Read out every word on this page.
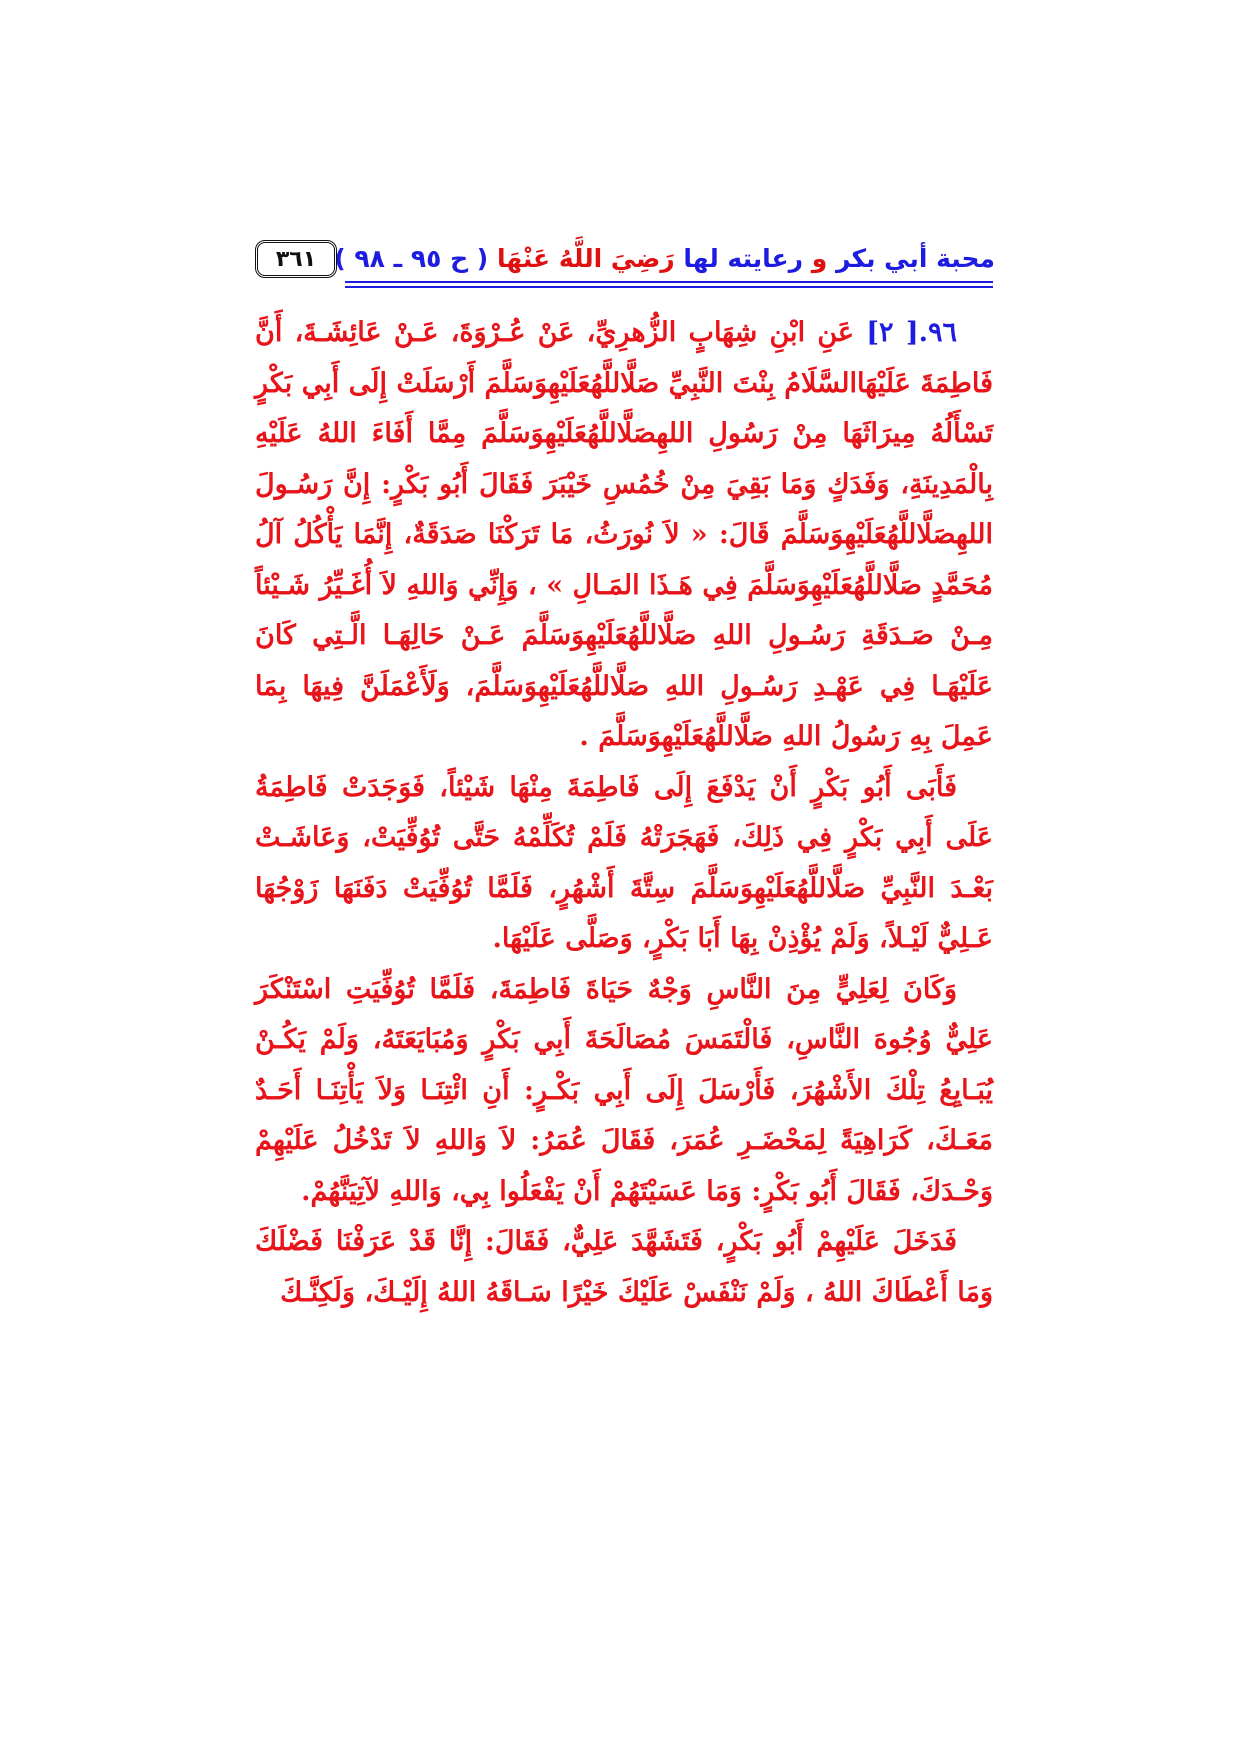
محبة أبي بكر و رعايته لها رَضِيَ اللَّهُ عَنْهَا ( ح ٩٥ ـ ٩٨ )
٣٦١

٩٦.[ ٢] عَنِ ابْنِ شِهَابٍ الزُّهرِيِّ، عَنْ عُـرْوَةَ، عَـنْ عَائِشَـةَ، أَنَّ فَاطِمَةَ عَلَيْهَاالسَّلَامُ بِنْتَ النَّبِيِّ صَلَّاللَّهُعَلَيْهِوَسَلَّمَ أَرْسَلَتْ إِلَى أَبِي بَكْرٍ تَسْأَلُهُ مِيرَاثَهَا مِنْ رَسُولِ اللهِصَلَّاللَّهُعَلَيْهِوَسَلَّمَ مِمَّا أَفَاءَ اللهُ عَلَيْهِ بِالْمَدِينَةِ، وَفَدَكٍ وَمَا بَقِيَ مِنْ خُمُسِ خَيْبَرَ فَقَالَ أَبُو بَكْرٍ: إِنَّ رَسُـولَ اللهِصَلَّاللَّهُعَلَيْهِوَسَلَّمَ قَالَ: « لاَ نُورَثُ، مَا تَرَكْنَا صَدَقَةٌ، إِنَّمَا يَأْكُلُ آلُ مُحَمَّدٍ صَلَّاللَّهُعَلَيْهِوَسَلَّمَ فِي هَـذَا المَـالِ » ، وَإِنِّي وَاللهِ لاَ أُغَـيِّرُ شَـيْئاً مِـنْ صَـدَقَةِ رَسُـولِ اللهِ صَلَّاللَّهُعَلَيْهِوَسَلَّمَ عَـنْ حَالِهَـا الَّـتِي كَانَ عَلَيْهَـا فِي عَهْـدِ رَسُـولِ اللهِ صَلَّاللَّهُعَلَيْهِوَسَلَّمَ، وَلَأَعْمَلَنَّ فِيهَا بِمَا عَمِلَ بِهِ رَسُولُ اللهِ صَلَّاللَّهُعَلَيْهِوَسَلَّمَ .

فَأَبَى أَبُو بَكْرٍ أَنْ يَدْفَعَ إِلَى فَاطِمَةَ مِنْهَا شَيْئاً، فَوَجَدَتْ فَاطِمَةُ عَلَى أَبِي بَكْرٍ فِي ذَلِكَ، فَهَجَرَتْهُ فَلَمْ تُكَلِّمْهُ حَتَّى تُوُفِّيَتْ، وَعَاشَـتْ بَعْـدَ النَّبِيِّ صَلَّاللَّهُعَلَيْهِوَسَلَّمَ سِتَّةَ أَشْهُرٍ، فَلَمَّا تُوُفِّيَتْ دَفَنَهَا زَوْجُهَا عَـلِيٌّ لَيْـلاً، وَلَمْ يُؤْذِنْ بِهَا أَبَا بَكْرٍ، وَصَلَّى عَلَيْهَا.

وَكَانَ لِعَلِيٍّ مِنَ النَّاسِ وَجْهٌ حَيَاةَ فَاطِمَةَ، فَلَمَّا تُوُفِّيَتِ اسْتَنْكَرَ عَلِيٌّ وُجُوهَ النَّاسِ، فَالْتَمَسَ مُصَالَحَةَ أَبِي بَكْرٍ وَمُبَايَعَتَهُ، وَلَمْ يَكُـنْ يُبَـايِعُ تِلْكَ الأَشْهُرَ، فَأَرْسَلَ إِلَى أَبِي بَكْـرٍ: أَنِ ائْتِنَـا وَلاَ يَأْتِنَـا أَحَـدٌ مَعَـكَ، كَرَاهِيَةً لِمَحْضَـرِ عُمَرَ، فَقَالَ عُمَرُ: لاَ وَاللهِ لاَ تَدْخُلُ عَلَيْهِمْ وَحْـدَكَ، فَقَالَ أَبُو بَكْرٍ: وَمَا عَسَيْتَهُمْ أَنْ يَفْعَلُوا بِي، وَاللهِ لآتِيَنَّهُمْ.

فَدَخَلَ عَلَيْهِمْ أَبُو بَكْرٍ، فَتَشَهَّدَ عَلِيٌّ، فَقَالَ: إِنَّا قَدْ عَرَفْنَا فَضْلَكَ وَمَا أَعْطَاكَ اللهُ ، وَلَمْ نَنْفَسْ عَلَيْكَ خَيْرًا سَـاقَهُ اللهُ إِلَيْـكَ، وَلَكِنَّـكَ
